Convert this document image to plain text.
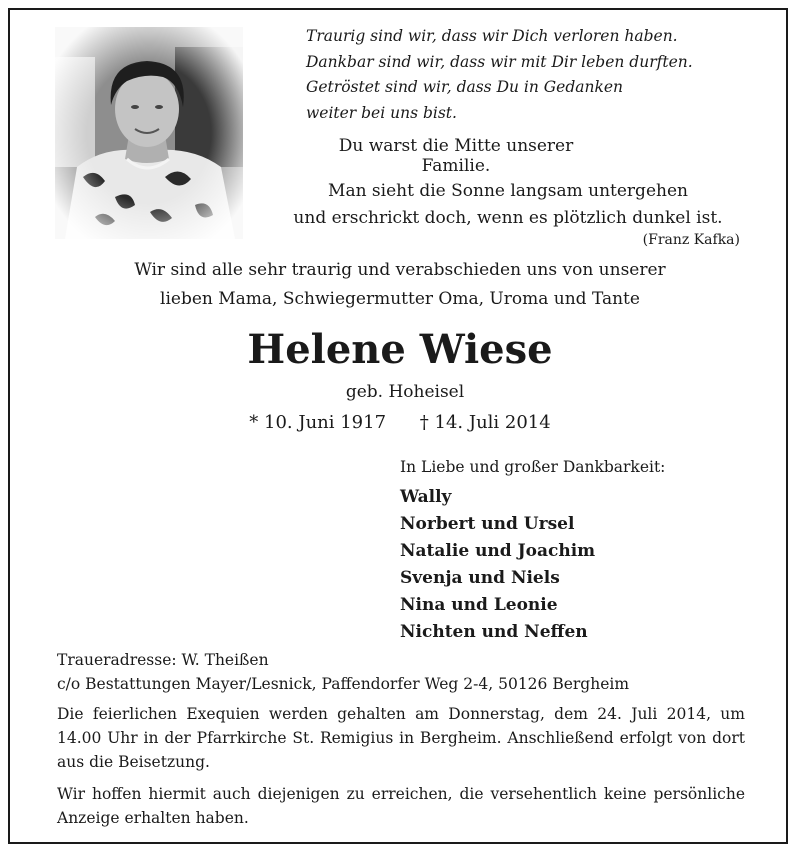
Traurig sind wir, dass wir Dich verloren haben.
Dankbar sind wir, dass wir mit Dir leben durften.
Getröstet sind wir, dass Du in Gedanken
weiter bei uns bist.
Du warst die Mitte unserer Familie.
Man sieht die Sonne langsam untergehen
und erschrickt doch, wenn es plötzlich dunkel ist.
(Franz Kafka)
Wir sind alle sehr traurig und verabschieden uns von unserer
lieben Mama, Schwiegermutter Oma, Uroma und Tante
Helene Wiese
geb. Hoheisel
* 10. Juni 1917 † 14. Juli 2014
In Liebe und großer Dankbarkeit:
Wally
Norbert und Ursel
Natalie und Joachim
Svenja und Niels
Nina und Leonie
Nichten und Neffen
Traueradresse: W. Theißen
c/o Bestattungen Mayer/Lesnick, Paffendorfer Weg 2-4, 50126 Bergheim
Die feierlichen Exequien werden gehalten am Donnerstag, dem 24. Juli 2014, um 14.00 Uhr in der Pfarrkirche St. Remigius in Bergheim. Anschließend erfolgt von dort aus die Beisetzung.
Wir hoffen hiermit auch diejenigen zu erreichen, die versehentlich keine persönliche Anzeige erhalten haben.
